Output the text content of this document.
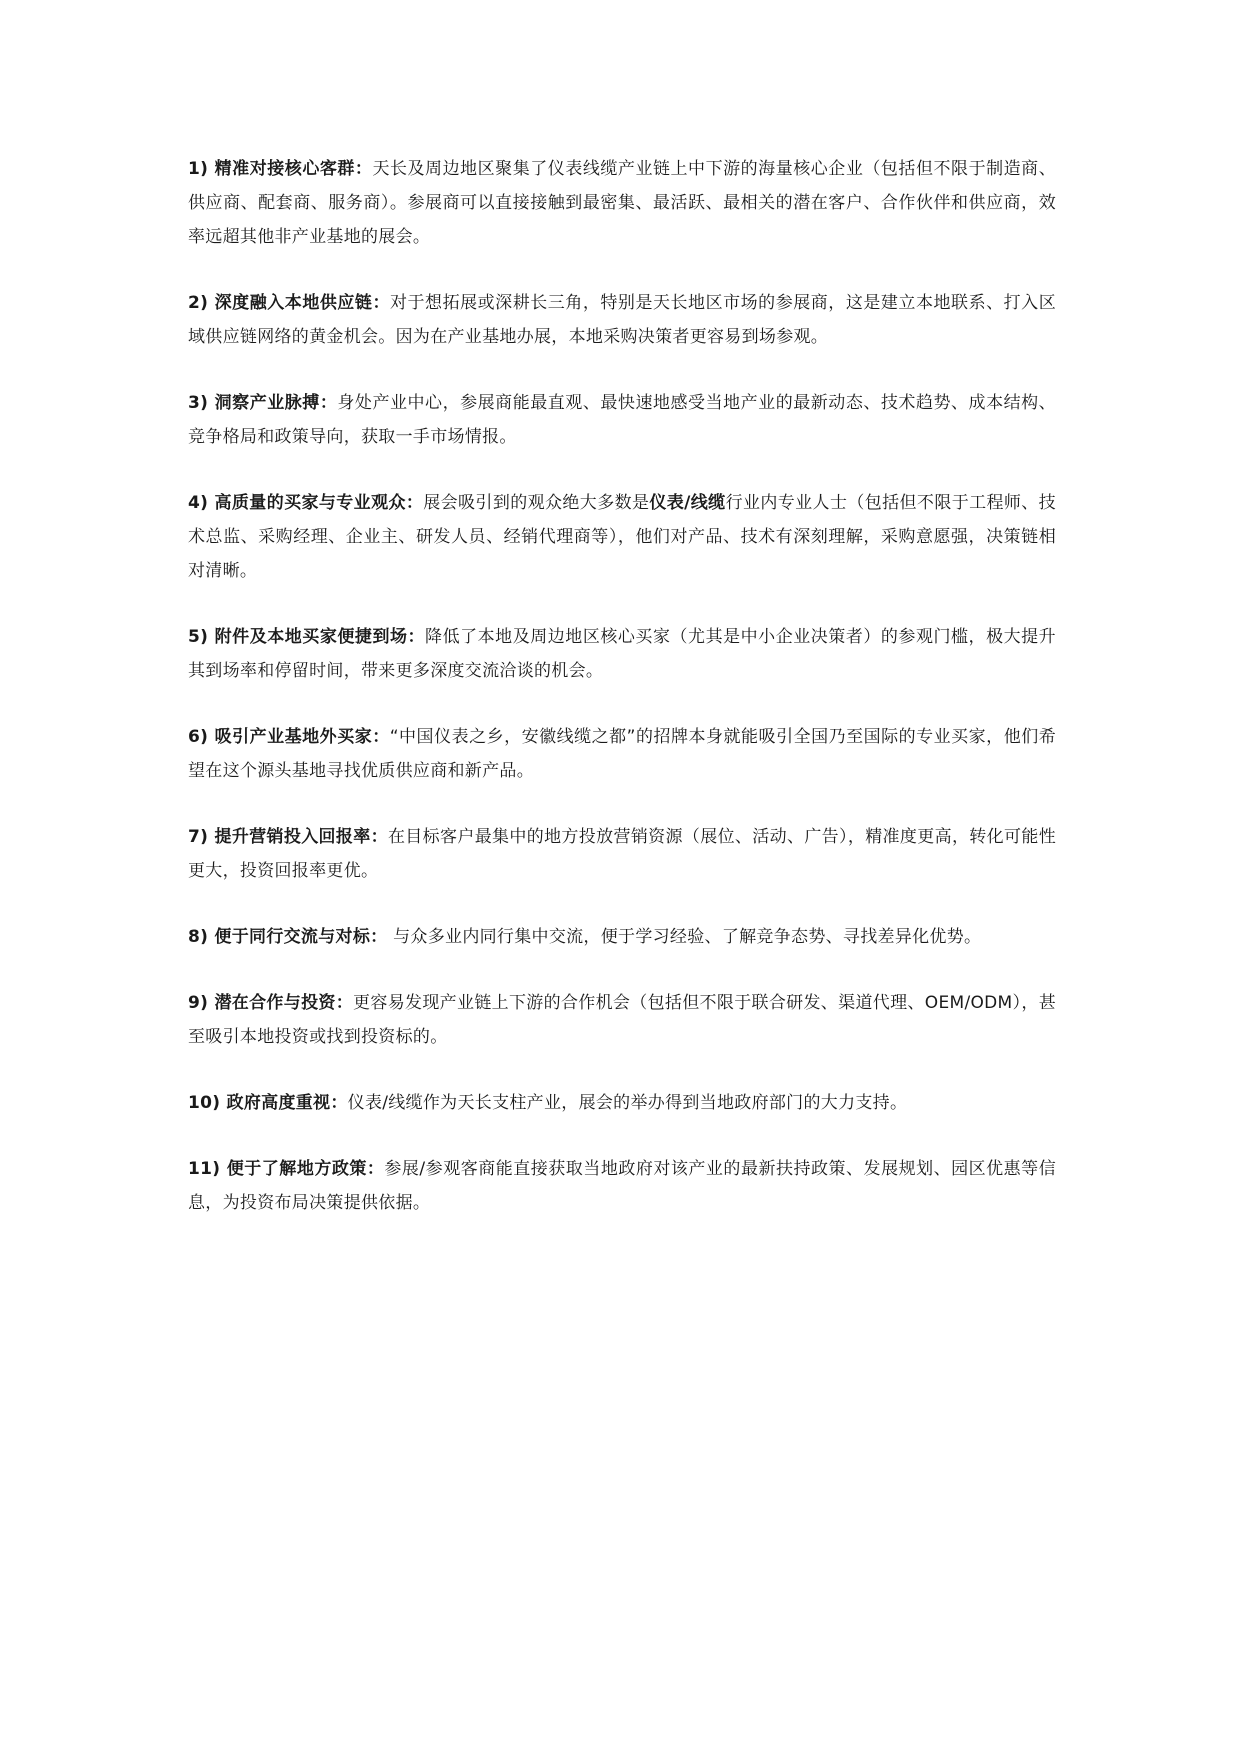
1) 精准对接核心客群：天长及周边地区聚集了仪表线缆产业链上中下游的海量核心企业（包括但不限于制造商、供应商、配套商、服务商）。参展商可以直接接触到最密集、最活跃、最相关的潜在客户、合作伙伴和供应商，效率远超其他非产业基地的展会。

2) 深度融入本地供应链：对于想拓展或深耕长三角，特别是天长地区市场的参展商，这是建立本地联系、打入区域供应链网络的黄金机会。因为在产业基地办展，本地采购决策者更容易到场参观。

3) 洞察产业脉搏：身处产业中心，参展商能最直观、最快速地感受当地产业的最新动态、技术趋势、成本结构、竞争格局和政策导向，获取一手市场情报。

4) 高质量的买家与专业观众：展会吸引到的观众绝大多数是仪表/线缆行业内专业人士（包括但不限于工程师、技术总监、采购经理、企业主、研发人员、经销代理商等），他们对产品、技术有深刻理解，采购意愿强，决策链相对清晰。

5) 附件及本地买家便捷到场：降低了本地及周边地区核心买家（尤其是中小企业决策者）的参观门槛，极大提升其到场率和停留时间，带来更多深度交流洽谈的机会。

6) 吸引产业基地外买家：“中国仪表之乡，安徽线缆之都”的招牌本身就能吸引全国乃至国际的专业买家，他们希望在这个源头基地寻找优质供应商和新产品。

7) 提升营销投入回报率：在目标客户最集中的地方投放营销资源（展位、活动、广告），精准度更高，转化可能性更大，投资回报率更优。

8) 便于同行交流与对标： 与众多业内同行集中交流，便于学习经验、了解竞争态势、寻找差异化优势。

9) 潜在合作与投资：更容易发现产业链上下游的合作机会（包括但不限于联合研发、渠道代理、OEM/ODM），甚至吸引本地投资或找到投资标的。

10) 政府高度重视：仪表/线缆作为天长支柱产业，展会的举办得到当地政府部门的大力支持。

11) 便于了解地方政策：参展/参观客商能直接获取当地政府对该产业的最新扶持政策、发展规划、园区优惠等信息，为投资布局决策提供依据。
